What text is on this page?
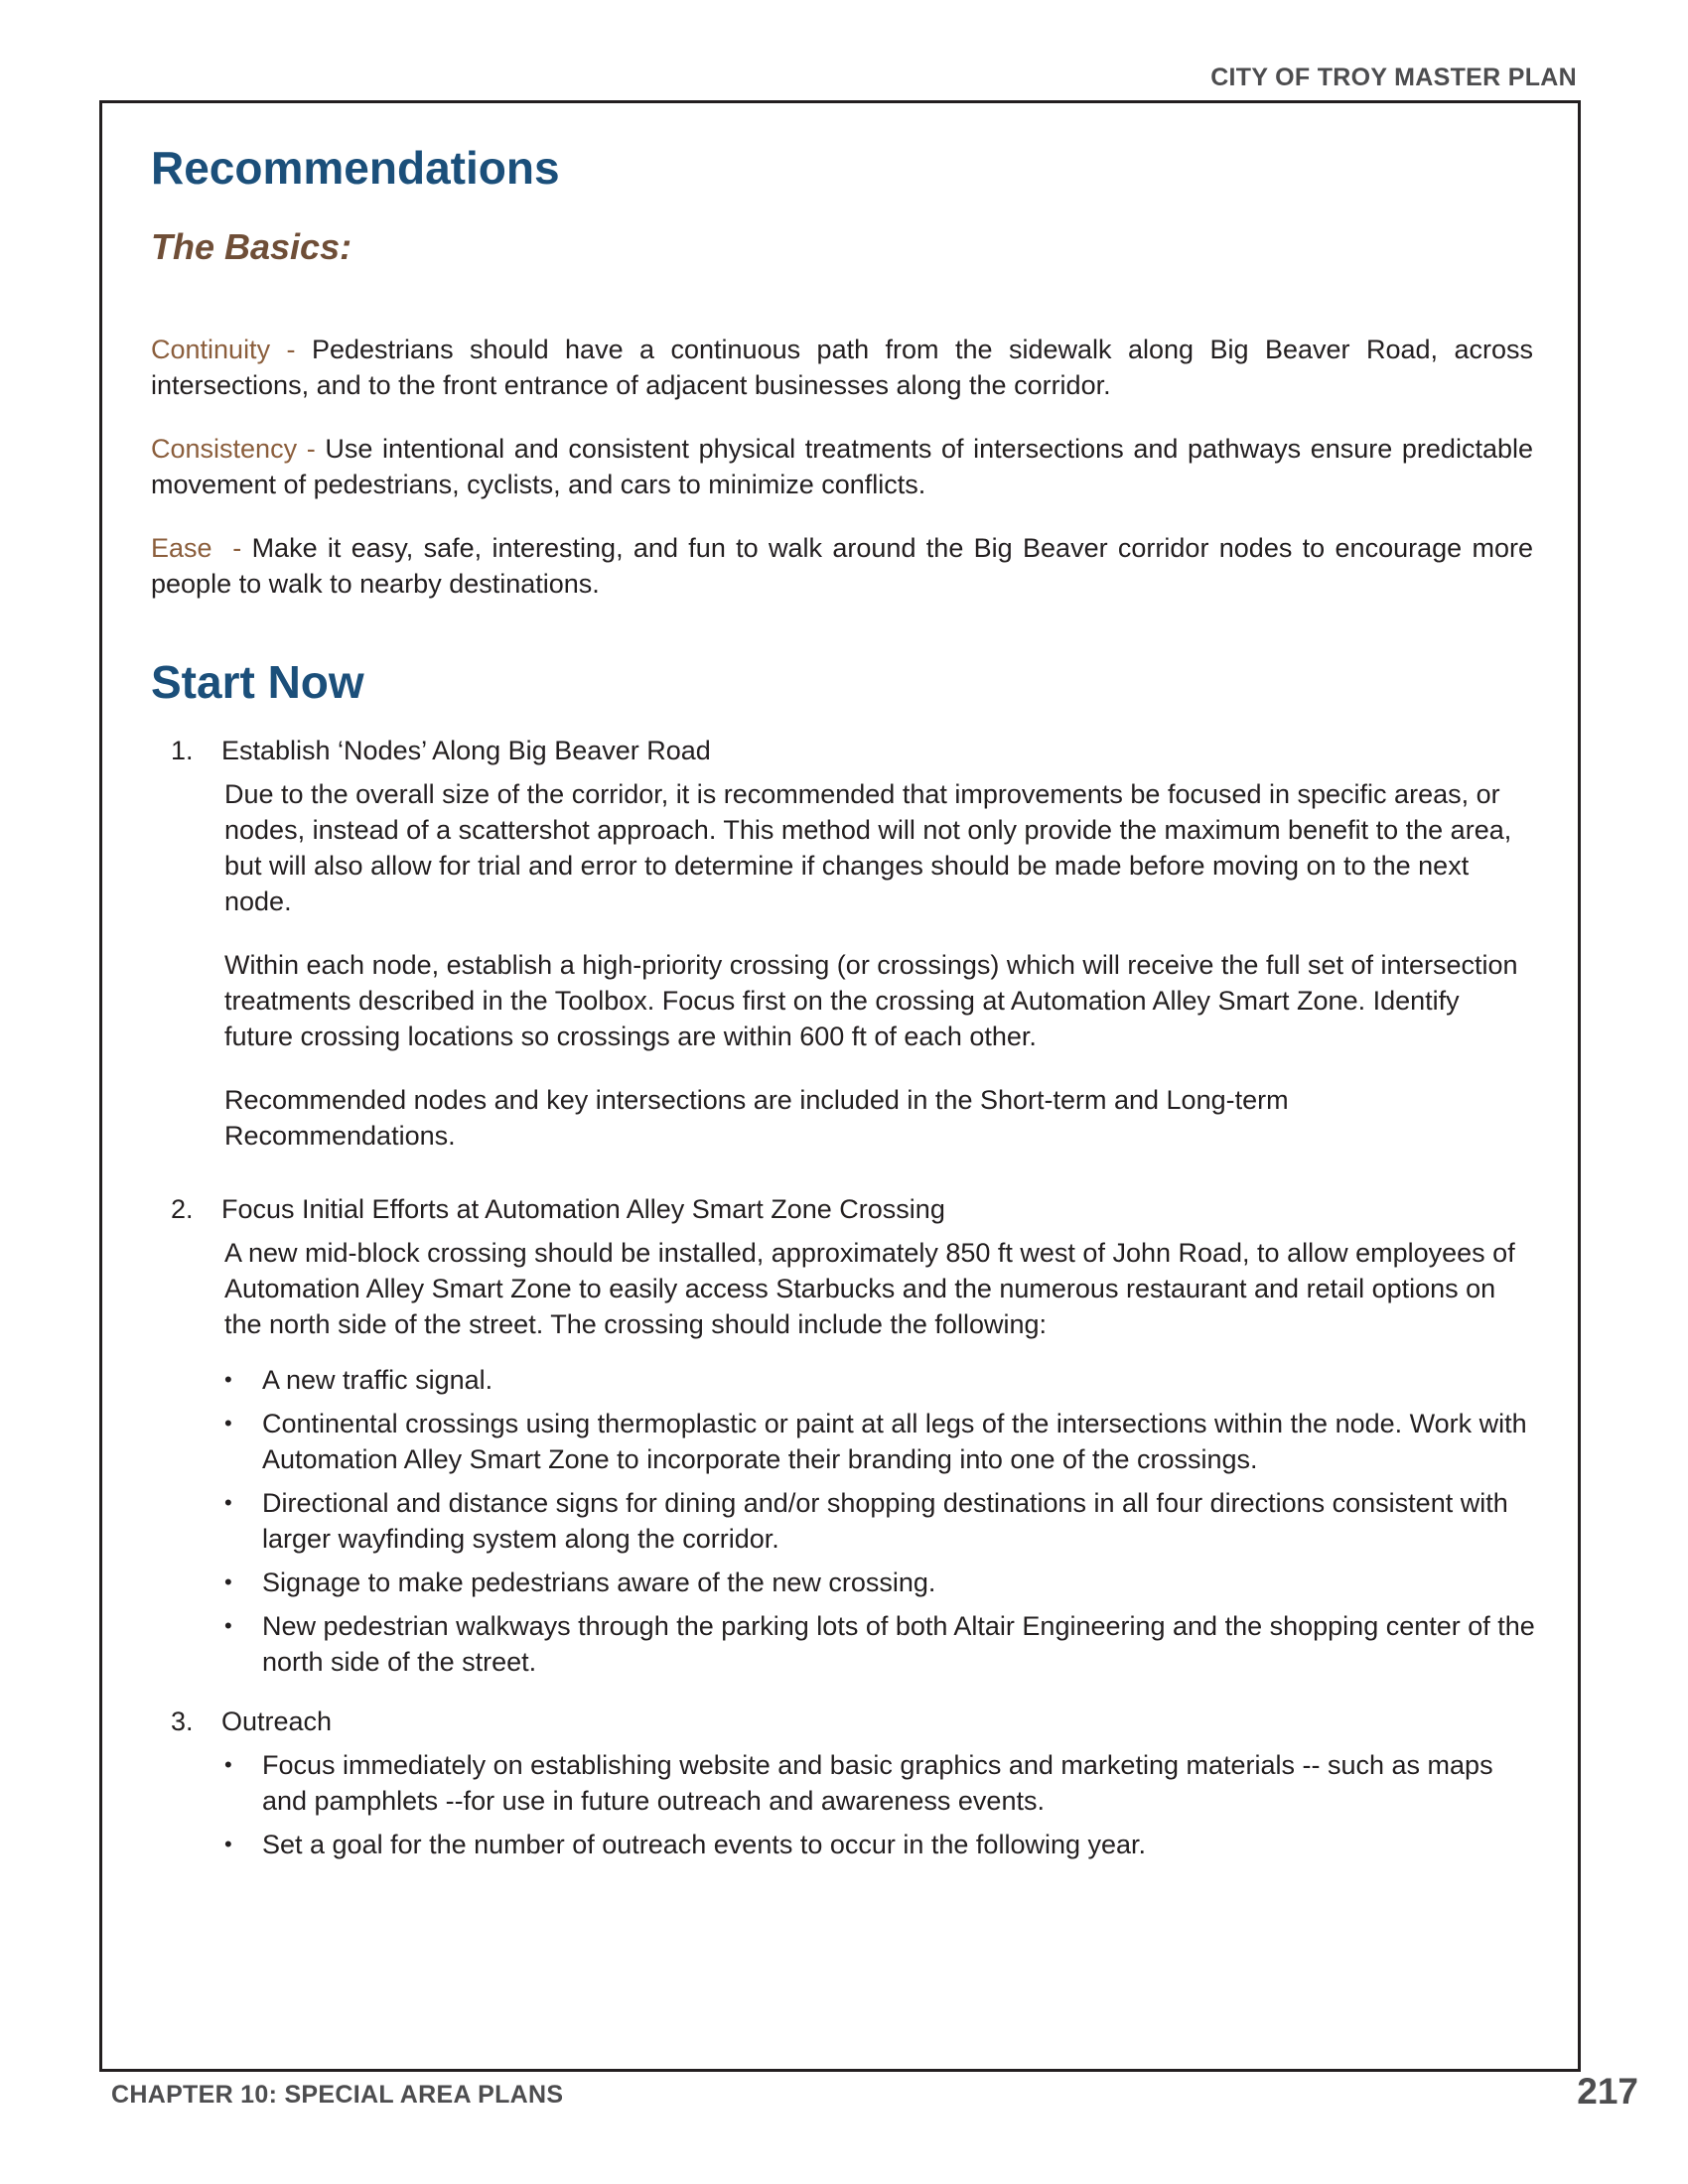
CITY OF TROY MASTER PLAN
Recommendations
The Basics:

Continuity - Pedestrians should have a continuous path from the sidewalk along Big Beaver Road, across intersections, and to the front entrance of adjacent businesses along the corridor.

Consistency - Use intentional and consistent physical treatments of intersections and pathways ensure predictable movement of pedestrians, cyclists, and cars to minimize conflicts.

Ease  - Make it easy, safe, interesting, and fun to walk around the Big Beaver corridor nodes to encourage more people to walk to nearby destinations.

Start Now
1. Establish ‘Nodes’ Along Big Beaver Road

Due to the overall size of the corridor, it is recommended that improvements be focused in specific areas, or nodes, instead of a scattershot approach. This method will not only provide the maximum benefit to the area, but will also allow for trial and error to determine if changes should be made before moving on to the next node.

Within each node, establish a high-priority crossing (or crossings) which will receive the full set of intersection treatments described in the Toolbox. Focus first on the crossing at Automation Alley Smart Zone. Identify future crossing locations so crossings are within 600 ft of each other.

Recommended nodes and key intersections are included in the Short-term and Long-term Recommendations.

2. Focus Initial Efforts at Automation Alley Smart Zone Crossing

A new mid-block crossing should be installed, approximately 850 ft west of John Road, to allow employees of Automation Alley Smart Zone to easily access Starbucks and the numerous restaurant and retail options on the north side of the street. The crossing should include the following:

• A new traffic signal.
• Continental crossings using thermoplastic or paint at all legs of the intersections within the node. Work with Automation Alley Smart Zone to incorporate their branding into one of the crossings.
• Directional and distance signs for dining and/or shopping destinations in all four directions consistent with larger wayfinding system along the corridor.
• Signage to make pedestrians aware of the new crossing.
• New pedestrian walkways through the parking lots of both Altair Engineering and the shopping center of the north side of the street.
3. Outreach
• Focus immediately on establishing website and basic graphics and marketing materials -- such as maps and pamphlets --for use in future outreach and awareness events.
• Set a goal for the number of outreach events to occur in the following year.
CHAPTER 10: SPECIAL AREA PLANS	217
